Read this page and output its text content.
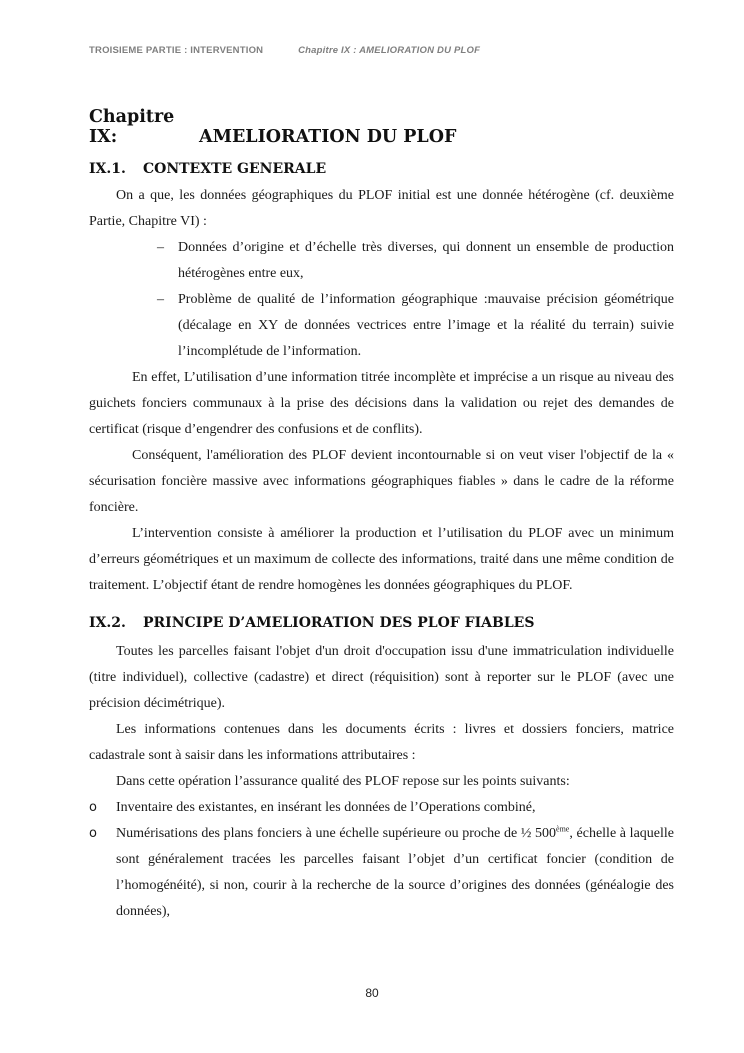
TROISIEME PARTIE : INTERVENTION	Chapitre IX : AMELIORATION DU PLOF
Chapitre IX:	AMELIORATION DU PLOF
IX.1. CONTEXTE GENERALE

On a que, les données géographiques du PLOF initial est une donnée hétérogène (cf. deuxième Partie, Chapitre VI) :

– Données d’origine et d’échelle très diverses, qui donnent un ensemble de production hétérogènes entre eux,
– Problème de qualité de l’information géographique :mauvaise précision géométrique (décalage en XY de données vectrices entre l’image et la réalité du terrain) suivie l’incomplétude de l’information.

En effet, L’utilisation d’une information titrée incomplète et imprécise a un risque au niveau des guichets fonciers communaux à la prise des décisions dans la validation ou rejet des demandes de certificat (risque d’engendrer des confusions et de conflits).

Conséquent, l'amélioration des PLOF devient incontournable si on veut viser l'objectif de la « sécurisation foncière massive avec informations géographiques fiables » dans le cadre de la réforme foncière.

L’intervention consiste à améliorer la production et l’utilisation du PLOF avec un minimum d’erreurs géométriques et un maximum de collecte des informations, traité dans une même condition de traitement. L’objectif étant de rendre homogènes les données géographiques du PLOF.

IX.2. PRINCIPE D’AMELIORATION DES PLOF FIABLES

Toutes les parcelles faisant l'objet d'un droit d'occupation issu d'une immatriculation individuelle (titre individuel), collective (cadastre) et direct (réquisition) sont à reporter sur le PLOF (avec une précision décimétrique).

Les informations contenues dans les documents écrits : livres et dossiers fonciers, matrice cadastrale sont à saisir dans les informations attributaires :

Dans cette opération l’assurance qualité des PLOF repose sur les points suivants:

o Inventaire des existantes, en insérant les données de l’Operations combiné,
o Numérisations des plans fonciers à une échelle supérieure ou proche de ½ 500ème, échelle à laquelle sont généralement tracées les parcelles faisant l’objet d’un certificat foncier (condition de l’homogénéité), si non, courir à la recherche de la source d’origines des données (généalogie des données),
80
